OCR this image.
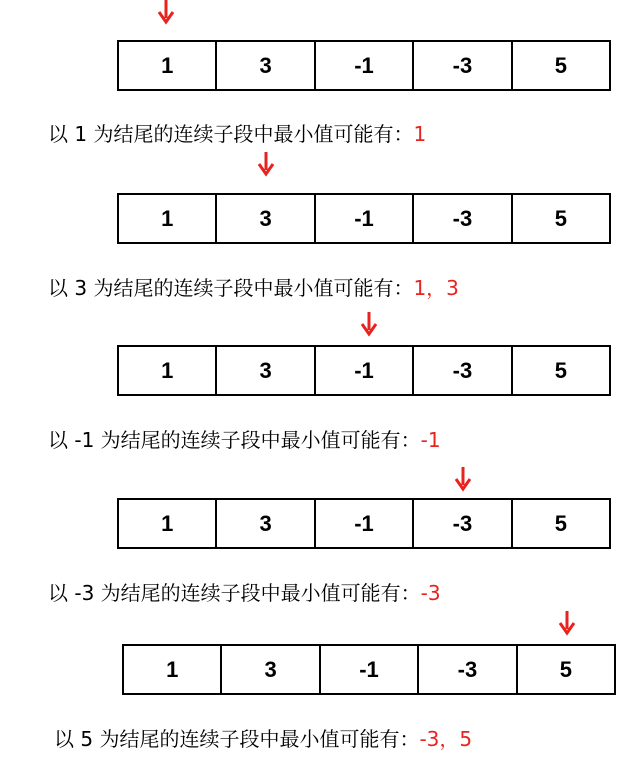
1	3	-1	-3	5
以 1 为结尾的连续子段中最小值可能有：1
1	3	-1	-3	5
以 3 为结尾的连续子段中最小值可能有：1，3
1	3	-1	-3	5
以 -1 为结尾的连续子段中最小值可能有：-1
1	3	-1	-3	5
以 -3 为结尾的连续子段中最小值可能有：-3
1	3	-1	-3	5
以 5 为结尾的连续子段中最小值可能有：-3，5
